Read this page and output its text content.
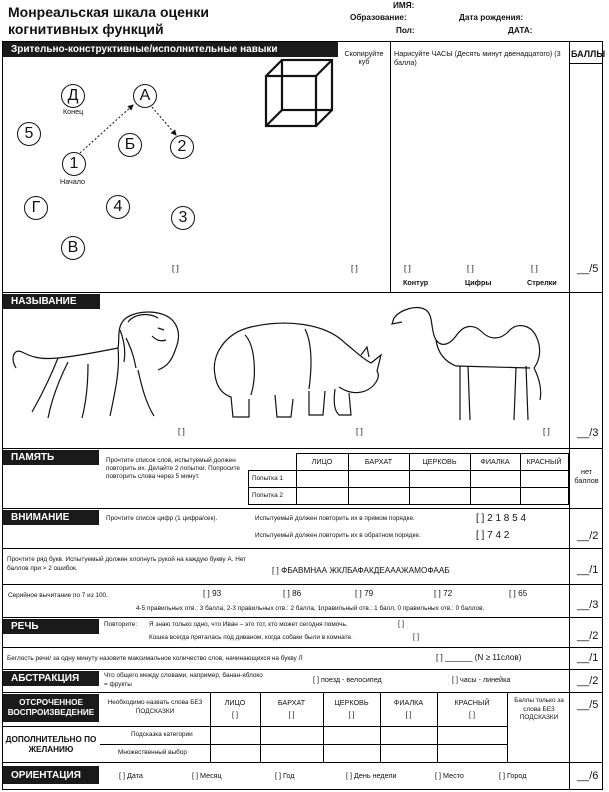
Монреальская шкала оценки
когнитивных функций
ИМЯ:
Образование:
Пол:
Дата рождения:
ДАТА:
БАЛЛЫ
Зрительно-конструктивные/исполнительные навыки
Д
Конец
А
5
Б	2
1
Начало
Г	4
3
В
[ ]
Скопируйте куб
[ ]
Нарисуйте ЧАСЫ (Десять минут двенадцатого) (3 балла)
[ ]
Контур
[ ]
Цифры
[ ]
Стрелки
__/5
НАЗЫВАНИЕ
[ ]	[ ]	[ ] __/3
ПАМЯТЬ	Прочтите список слов, испытуемый должен повторить их. Делайте 2 попытки. Попросите повторить слова через 5 минут.
ЛИЦО	БАРХАТ	ЦЕРКОВЬ	ФИАЛКА	КРАСНЫЙ
Попытка 1
Попытка 2
нет баллов
ВНИМАНИЕ	Прочтите список цифр (1 цифра/сек).	Испытуемый должен повторить их в прямом порядке.	[ ] 2 1 8 5 4
Испытуемый должен повторить их в обратном порядке.	[ ] 7 4 2	__/2
Прочтите ряд букв. Испытуемый должен хлопнуть рукой на каждую букву А. Нет баллов при > 2 ошибок.	[ ] ФБАВМНАА ЖКЛБАФАКДЕАААЖАМОФААБ	__/1
Серийное вычитание по 7 из 100.	[ ] 93	[ ] 86	[ ] 79	[ ] 72	[ ] 65
4-5 правильных отв.: 3 балла, 2-3 правильных отв.: 2 балла, 1правильный отв.: 1 балл, 0 правильных отв.: 0 баллов.	__/3
РЕЧЬ	Повторите: Я знаю только одно, что Иван – это тот, кто может сегодня помочь.	[ ]
Кошка всегда пряталась под диваном, когда собаки были в комнате.	[ ]	__/2
Беглость речи/ за одну минуту назовите максимальное количество слов, начинающихся на букву Л	[ ] ______ (N ≥ 11слов)	__/1
АБСТРАКЦИЯ	Что общего между словами, например, банан-яблоко = фрукты
[ ] поезд - велосипед	[ ] часы - линейка	__/2
ОТСРОЧЕННОЕ ВОСПРОИЗВЕДЕНИЕ
Необходимо назвать слова БЕЗ ПОДСКАЗКИ
ЛИЦО	БАРХАТ	ЦЕРКОВЬ	ФИАЛКА	КРАСНЫЙ
[ ]	[ ]	[ ]	[ ]	[ ]
Баллы только за слова БЕЗ ПОДСКАЗКИ
__/5
ДОПОЛНИТЕЛЬНО ПО ЖЕЛАНИЮ
Подсказка категории
Множественный выбор
ОРИЕНТАЦИЯ	[ ] Дата	[ ] Месяц	[ ] Год	[ ] День недели	[ ] Место	[ ] Город	__/6
